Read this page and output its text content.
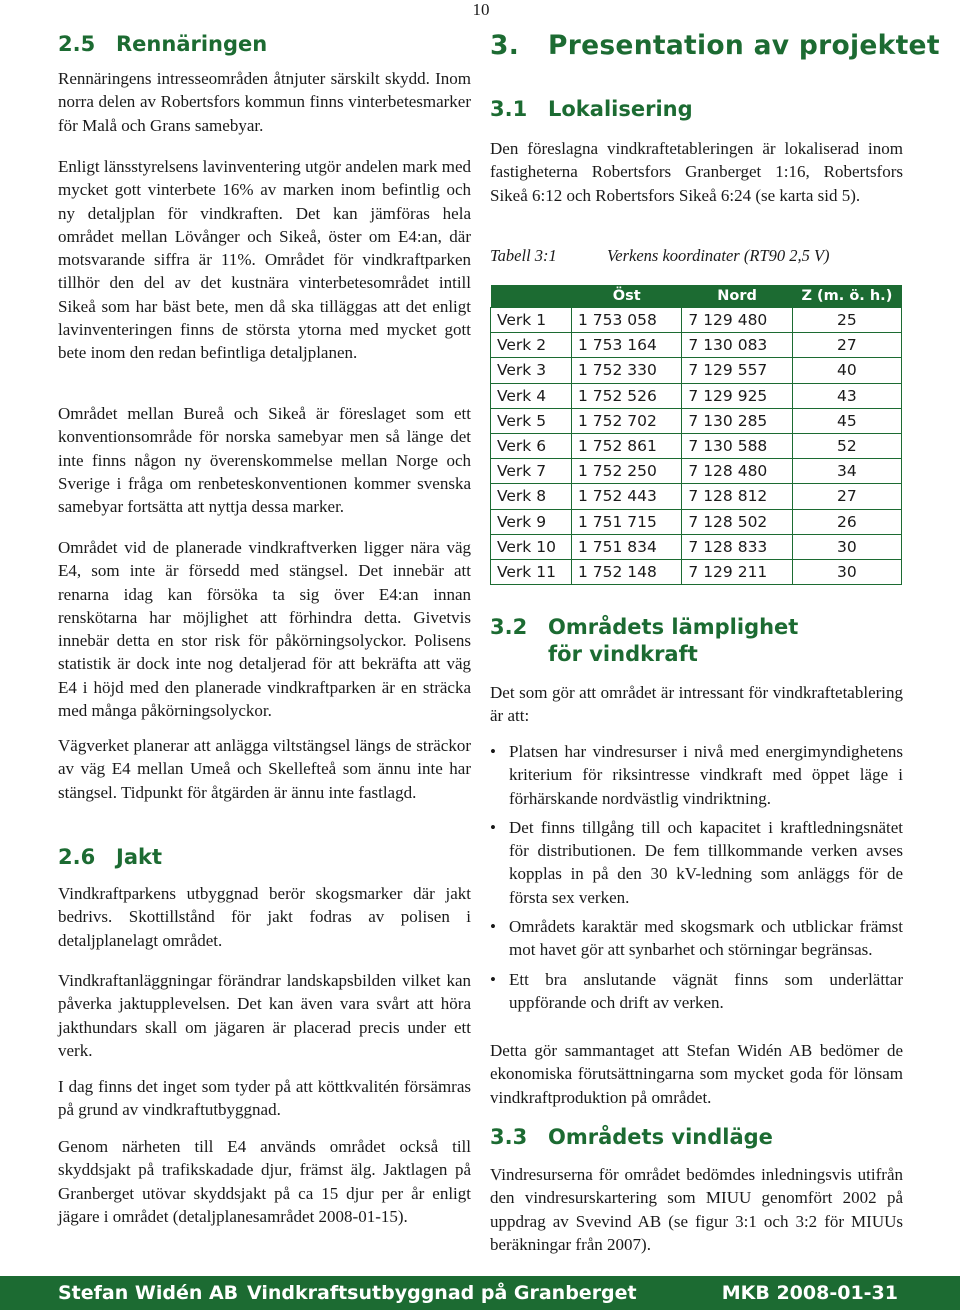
10
2.5 Rennäringen

Rennäringens intresseområden åtnjuter särskilt skydd. Inom norra delen av Robertsfors kommun finns vinterbetesmarker för Malå och Grans samebyar.

Enligt länsstyrelsens lavinventering utgör andelen mark med mycket gott vinterbete 16% av marken inom befintlig och ny detaljplan för vindkraften. Det kan jämföras hela området mellan Lövånger och Sikeå, öster om E4:an, där motsvarande siffra är 11%. Området för vindkraftparken tillhör den del av det kustnära vinterbetesområdet intill Sikeå som har bäst bete, men då ska tilläggas att det enligt lavinventeringen finns de största ytorna med mycket gott bete inom den redan befintliga detaljplanen.

Området mellan Bureå och Sikeå är föreslaget som ett konventionsområde för norska samebyar men så länge det inte finns någon ny överenskommelse mellan Norge och Sverige i fråga om renbeteskonventionen kommer svenska samebyar fortsätta att nyttja dessa marker.

Området vid de planerade vindkraftverken ligger nära väg E4, som inte är försedd med stängsel. Det innebär att renarna idag kan försöka ta sig över E4:an innan renskötarna har möjlighet att förhindra detta. Givetvis innebär detta en stor risk för påkörningsolyckor. Polisens statistik är dock inte nog detaljerad för att bekräfta att väg E4 i höjd med den planerade vindkraftparken är en sträcka med många påkörningsolyckor.

Vägverket planerar att anlägga viltstängsel längs de sträckor av väg E4 mellan Umeå och Skellefteå som ännu inte har stängsel. Tidpunkt för åtgärden är ännu inte fastlagd.

2.6 Jakt

Vindkraftparkens utbyggnad berör skogsmarker där jakt bedrivs. Skottillstånd för jakt fodras av polisen i detaljplanelagt området.

Vindkraftanläggningar förändrar landskapsbilden vilket kan påverka jaktupplevelsen. Det kan även vara svårt att höra jakthundars skall om jägaren är placerad precis under ett verk.

I dag finns det inget som tyder på att köttkvalitén försämras på grund av vindkraftutbyggnad.

Genom närheten till E4 används området också till skyddsjakt på trafikskadade djur, främst älg. Jaktlagen på Granberget utövar skyddsjakt på ca 15 djur per år enligt jägare i området (detaljplanesamrådet 2008-01-15).

3. Presentation av projektet
3.1 Lokalisering

Den föreslagna vindkraftetableringen är lokaliserad inom fastigheterna Robertsfors Granberget 1:16, Robertsfors Sikeå 6:12 och Robertsfors Sikeå 6:24 (se karta sid 5).

Tabell 3:1	Verkens koordinater (RT90 2,5 V)
	Öst	Nord	Z (m. ö. h.)
Verk 1	1 753 058	7 129 480	25
Verk 2	1 753 164	7 130 083	27
Verk 3	1 752 330	7 129 557	40
Verk 4	1 752 526	7 129 925	43
Verk 5	1 752 702	7 130 285	45
Verk 6	1 752 861	7 130 588	52
Verk 7	1 752 250	7 128 480	34
Verk 8	1 752 443	7 128 812	27
Verk 9	1 751 715	7 128 502	26
Verk 10	1 751 834	7 128 833	30
Verk 11	1 752 148	7 129 211	30
3.2 Områdets lämplighet
för vindkraft

Det som gör att området är intressant för vindkraftetablering är att:

• Platsen har vindresurser i nivå med energimyndighetens kriterium för riksintresse vindkraft med öppet läge i förhärskande nordvästlig vindriktning.
• Det finns tillgång till och kapacitet i kraftledningsnätet för distributionen. De fem tillkommande verken avses kopplas in på den 30 kV-ledning som anläggs för de första sex verken.
• Områdets karaktär med skogsmark och utblickar främst mot havet gör att synbarhet och störningar begränsas.
• Ett bra anslutande vägnät finns som underlättar uppförande och drift av verken.

Detta gör sammantaget att Stefan Widén AB bedömer de ekonomiska förutsättningarna som mycket goda för lönsam vindkraftproduktion på området.

3.3 Områdets vindläge

Vindresurserna för området bedömdes inledningsvis utifrån den vindresurskartering som MIUU genomfört 2002 på uppdrag av Svevind AB (se figur 3:1 och 3:2 för MIUUs beräkningar från 2007).

Stefan Widén AB Vindkraftsutbyggnad på Granberget	MKB 2008-01-31
